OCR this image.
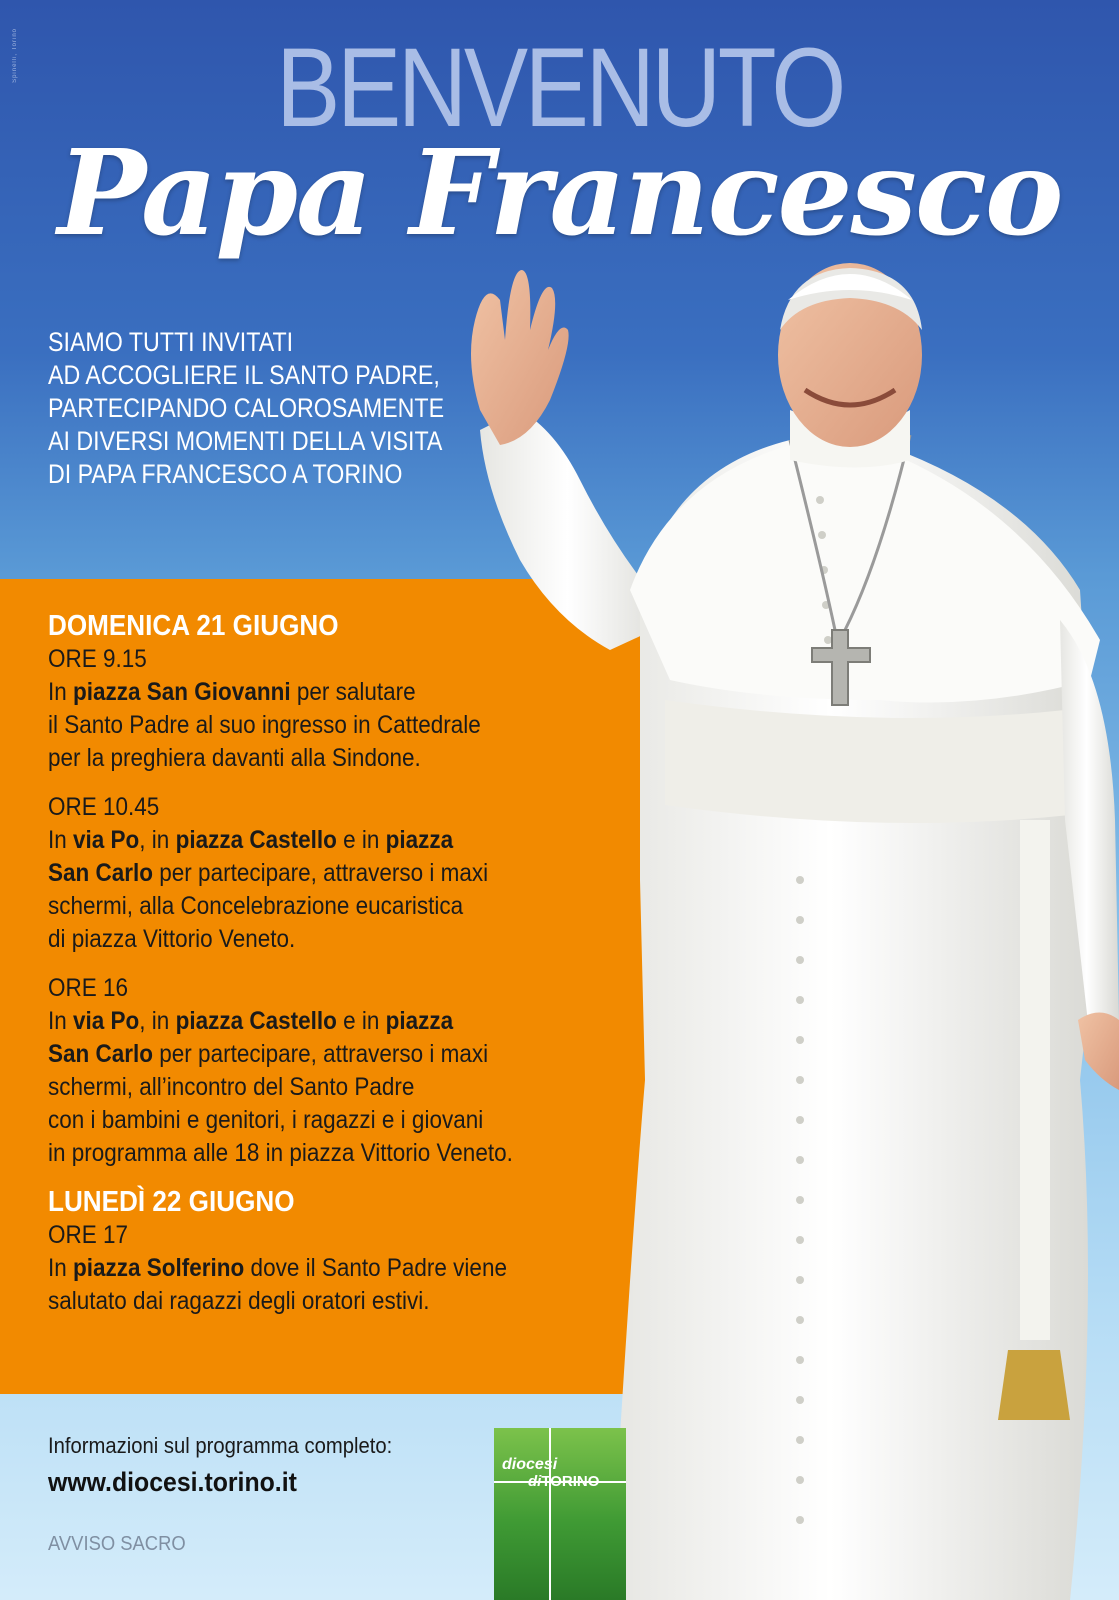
Spinelli, Torino	BENVENUTO
Papa Francesco
SIAMO TUTTI INVITATI
AD ACCOGLIERE IL SANTO PADRE,
PARTECIPANDO CALOROSAMENTE
AI DIVERSI MOMENTI DELLA VISITA
DI PAPA FRANCESCO A TORINO
DOMENICA 21 GIUGNO
ORE 9.15
In piazza San Giovanni per salutare
il Santo Padre al suo ingresso in Cattedrale
per la preghiera davanti alla Sindone.
ORE 10.45
In via Po, in piazza Castello e in piazza
San Carlo per partecipare, attraverso i maxi
schermi, alla Concelebrazione eucaristica
di piazza Vittorio Veneto.
ORE 16
In via Po, in piazza Castello e in piazza
San Carlo per partecipare, attraverso i maxi
schermi, all’incontro del Santo Padre
con i bambini e genitori, i ragazzi e i giovani
in programma alle 18 in piazza Vittorio Veneto.
LUNEDÌ 22 GIUGNO
ORE 17
In piazza Solferino dove il Santo Padre viene
salutato dai ragazzi degli oratori estivi.
Informazioni sul programma completo:
www.diocesi.torino.it
AVVISO SACRO
diocesi
diTORINO
